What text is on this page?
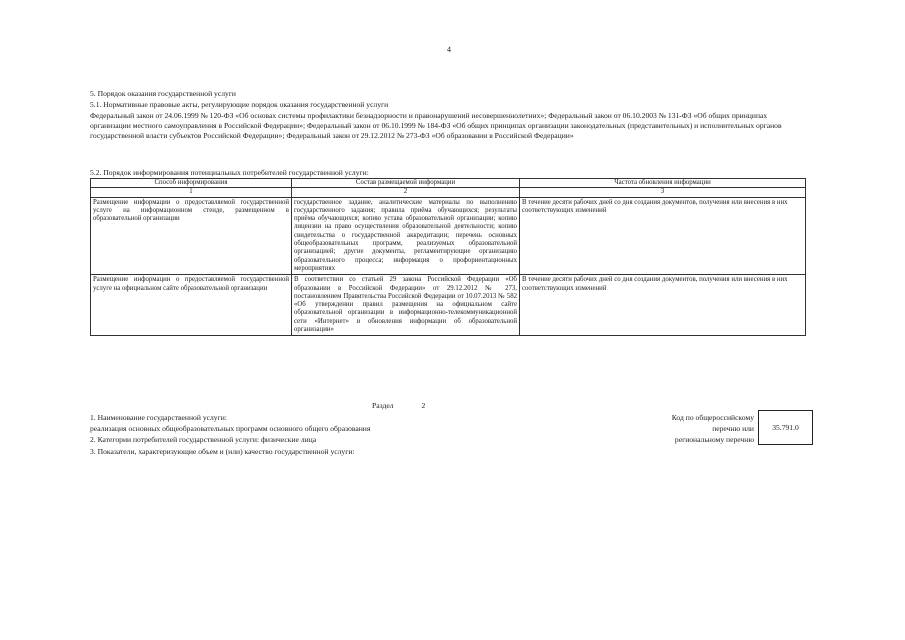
4
5. Порядок оказания государственной услуги
5.1. Нормативные правовые акты, регулирующие порядок оказания государственной услуги
Федеральный закон от 24.06.1999 № 120-ФЗ «Об основах системы профилактики безнадзорности и правонарушений несовершеннолетних»; Федеральный закон от 06.10.2003 № 131-ФЗ «Об общих принципах организации местного самоуправления в Российской Федерации»; Федеральный закон от 06.10.1999 № 184-ФЗ «Об общих принципах организации законодательных (представительных) и исполнительных органов государственной власти субъектов Российской Федерации»; Федеральный закон от 29.12.2012 № 273-ФЗ «Об образовании в Российской Федерации»
5.2. Порядок информирования потенциальных потребителей государственной услуги:
Способ информирования	Состав размещаемой информации	Частота обновления информации
1	2	3
Размещение информации о предоставляемой государственной услуге на информационном стенде, размещенном в образовательной организации	государственное задание, аналитические материалы по выполнению государственного задания; правила приёма обучающихся; результаты приёма обучающихся; копию устава образовательной организации; копию лицензии на право осуществления образовательной деятельности; копию свидетельства о государственной аккредитации; перечень основных общеобразовательных программ, реализуемых образовательной организацией; другие документы, регламентирующие организацию образовательного процесса; информация о профориентационных мероприятиях	В течение десяти рабочих дней со дня создания документов, получения или внесения в них соответствующих изменений
Размещение информации о предоставляемой государственной услуге на официальном сайте образовательной организации	В соответствии со статьей 29 закона Российской Федерации «Об образовании в Российской Федерации» от 29.12.2012 № 273, постановлением Правительства Российской Федерации от 10.07.2013 № 582 «Об утверждении правил размещения на официальном сайте образовательной организации в информационно-телекоммуникационной сети «Интернет» и обновления информации об образовательной организации»	В течение десяти рабочих дней со дня создания документов, получения или внесения в них соответствующих изменений
Раздел	2
1. Наименование государственной услуги:
реализация основных общеобразовательных программ основного общего образования
2. Категории потребителей государственной услуги: физические лица
3. Показатели, характеризующие объем и (или) качество государственной услуги:
Код по общероссийскому
перечню или
региональному перечню
35.791.0
